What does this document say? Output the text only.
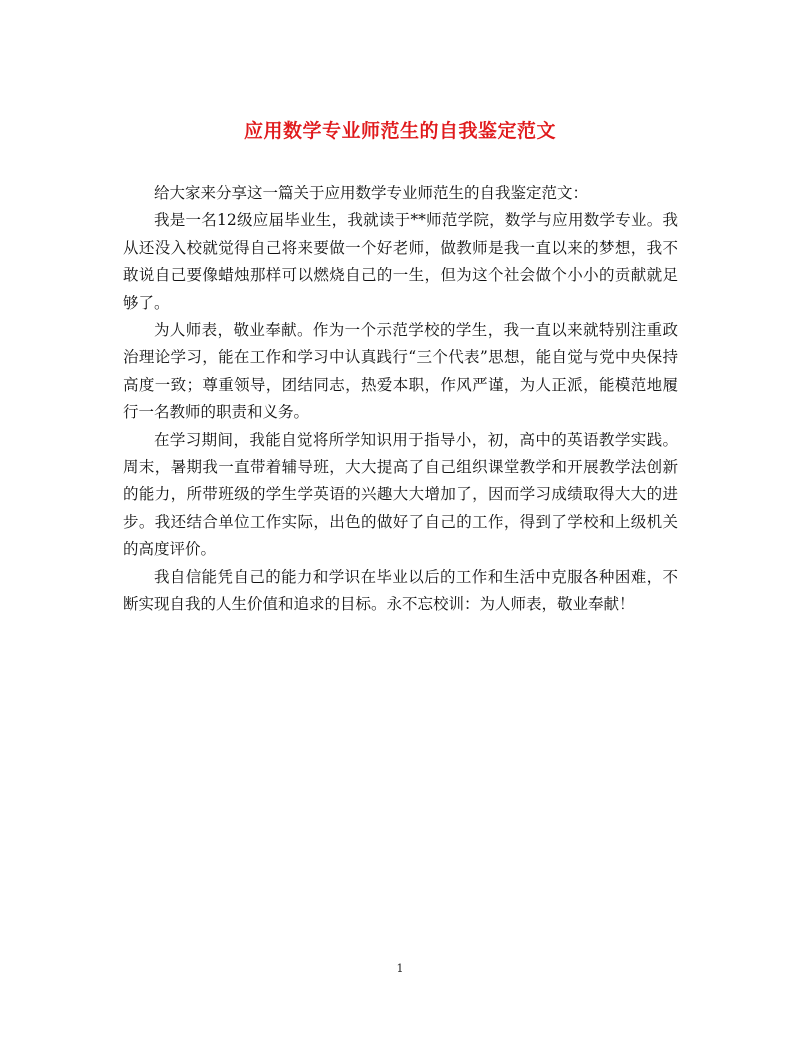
应用数学专业师范生的自我鉴定范文

给大家来分享这一篇关于应用数学专业师范生的自我鉴定范文：

我是一名12级应届毕业生，我就读于**师范学院，数学与应用数学专业。我从还没入校就觉得自己将来要做一个好老师，做教师是我一直以来的梦想，我不敢说自己要像蜡烛那样可以燃烧自己的一生，但为这个社会做个小小的贡献就足够了。

为人师表，敬业奉献。作为一个示范学校的学生，我一直以来就特别注重政治理论学习，能在工作和学习中认真践行“三个代表”思想，能自觉与党中央保持高度一致；尊重领导，团结同志，热爱本职，作风严谨，为人正派，能模范地履行一名教师的职责和义务。

在学习期间，我能自觉将所学知识用于指导小，初，高中的英语教学实践。周末，暑期我一直带着辅导班，大大提高了自己组织课堂教学和开展教学法创新的能力，所带班级的学生学英语的兴趣大大增加了，因而学习成绩取得大大的进步。我还结合单位工作实际，出色的做好了自己的工作，得到了学校和上级机关的高度评价。

我自信能凭自己的能力和学识在毕业以后的工作和生活中克服各种困难，不断实现自我的人生价值和追求的目标。永不忘校训：为人师表，敬业奉献！

1
